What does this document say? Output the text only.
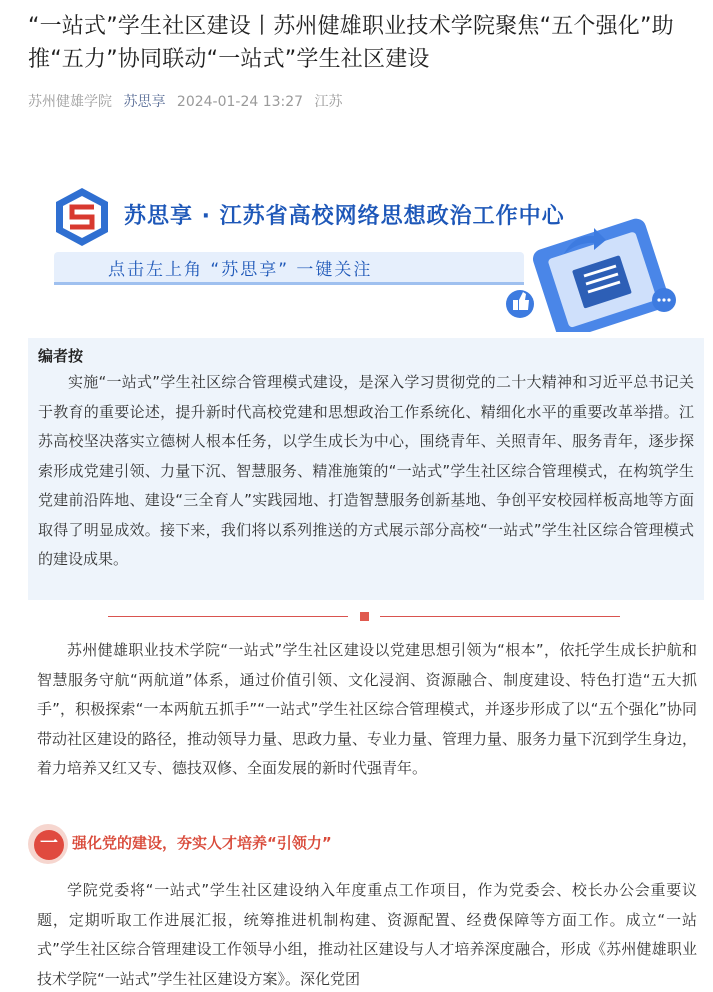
“一站式”学生社区建设丨苏州健雄职业技术学院聚焦“五个强化”助推“五力”协同联动“一站式”学生社区建设
苏州健雄学院 苏思享 2024-01-24 13:27 江苏
苏思享 · 江苏省高校网络思想政治工作中心
点击左上角 “苏思享” 一键关注
编者按
实施“一站式”学生社区综合管理模式建设，是深入学习贯彻党的二十大精神和习近平总书记关于教育的重要论述，提升新时代高校党建和思想政治工作系统化、精细化水平的重要改革举措。江苏高校坚决落实立德树人根本任务，以学生成长为中心，围绕青年、关照青年、服务青年，逐步探索形成党建引领、力量下沉、智慧服务、精准施策的“一站式”学生社区综合管理模式，在构筑学生党建前沿阵地、建设“三全育人”实践园地、打造智慧服务创新基地、争创平安校园样板高地等方面取得了明显成效。接下来，我们将以系列推送的方式展示部分高校“一站式”学生社区综合管理模式的建设成果。
苏州健雄职业技术学院“一站式”学生社区建设以党建思想引领为“根本”，依托学生成长护航和智慧服务守航“两航道”体系，通过价值引领、文化浸润、资源融合、制度建设、特色打造“五大抓手”，积极探索“一本两航五抓手”“一站式”学生社区综合管理模式，并逐步形成了以“五个强化”协同带动社区建设的路径，推动领导力量、思政力量、专业力量、管理力量、服务力量下沉到学生身边，着力培养又红又专、德技双修、全面发展的新时代强青年。
一 强化党的建设，夯实人才培养“引领力”
学院党委将“一站式”学生社区建设纳入年度重点工作项目，作为党委会、校长办公会重要议题，定期听取工作进展汇报，统筹推进机制构建、资源配置、经费保障等方面工作。成立“一站式”学生社区综合管理建设工作领导小组，推动社区建设与人才培养深度融合，形成《苏州健雄职业技术学院“一站式”学生社区建设方案》。深化党团
